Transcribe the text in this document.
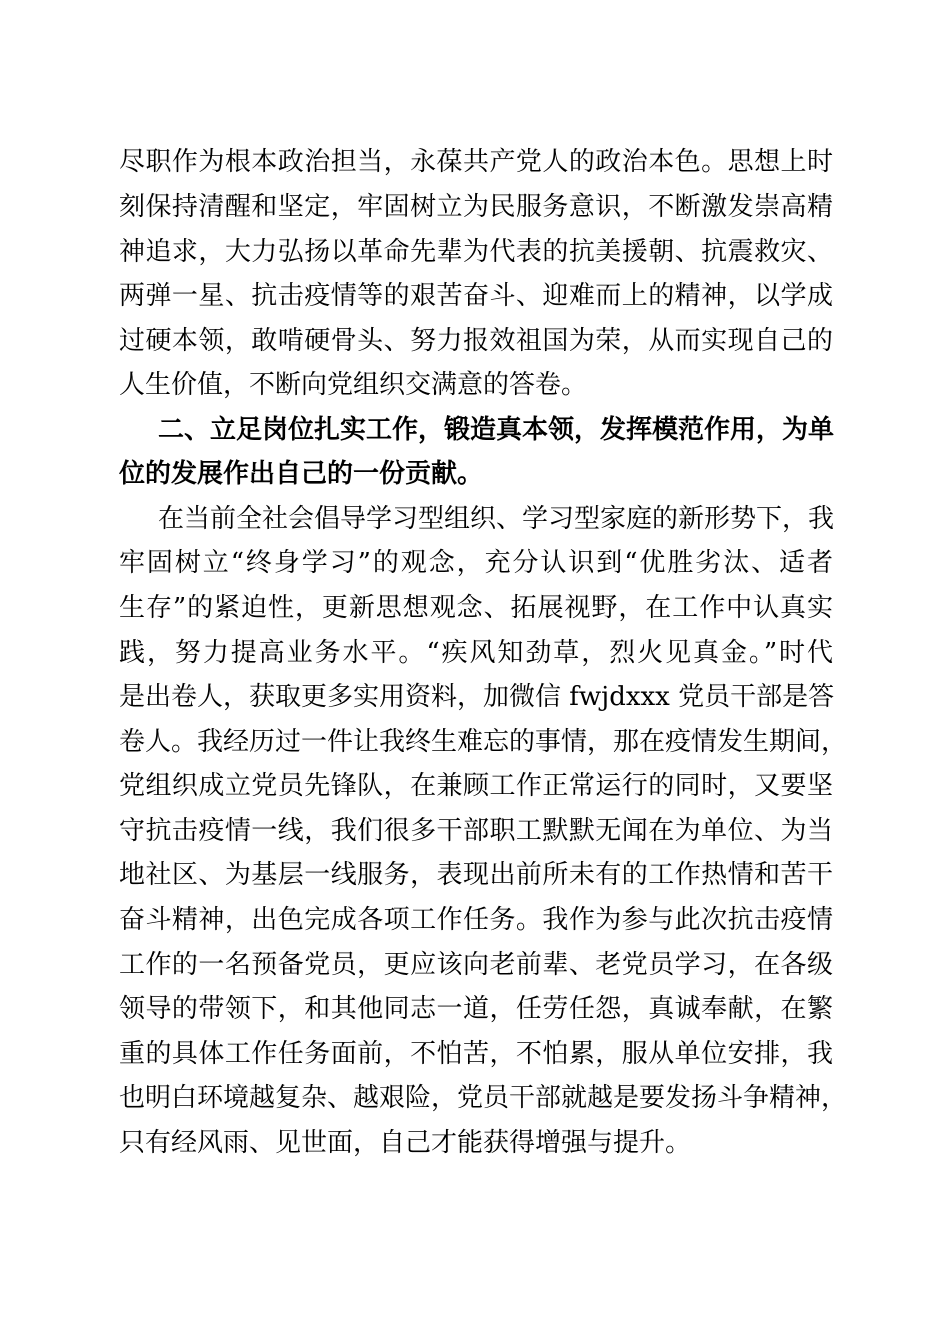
尽职作为根本政治担当，永葆共产党人的政治本色。思想上时
刻保持清醒和坚定，牢固树立为民服务意识，不断激发崇高精
神追求，大力弘扬以革命先辈为代表的抗美援朝、抗震救灾、
两弹一星、抗击疫情等的艰苦奋斗、迎难而上的精神，以学成
过硬本领，敢啃硬骨头、努力报效祖国为荣，从而实现自己的
人生价值，不断向党组织交满意的答卷。
二、立足岗位扎实工作，锻造真本领，发挥模范作用，为单
位的发展作出自己的一份贡献。
在当前全社会倡导学习型组织、学习型家庭的新形势下，我
牢固树立“终身学习”的观念，充分认识到“优胜劣汰、适者
生存”的紧迫性，更新思想观念、拓展视野，在工作中认真实
践，努力提高业务水平。“疾风知劲草，烈火见真金。”时代
是出卷人，获取更多实用资料，加微信 fwjdxxx 党员干部是答
卷人。我经历过一件让我终生难忘的事情，那在疫情发生期间，
党组织成立党员先锋队，在兼顾工作正常运行的同时，又要坚
守抗击疫情一线，我们很多干部职工默默无闻在为单位、为当
地社区、为基层一线服务，表现出前所未有的工作热情和苦干
奋斗精神，出色完成各项工作任务。我作为参与此次抗击疫情
工作的一名预备党员，更应该向老前辈、老党员学习，在各级
领导的带领下，和其他同志一道，任劳任怨，真诚奉献，在繁
重的具体工作任务面前，不怕苦，不怕累，服从单位安排，我
也明白环境越复杂、越艰险，党员干部就越是要发扬斗争精神，
只有经风雨、见世面，自己才能获得增强与提升。
